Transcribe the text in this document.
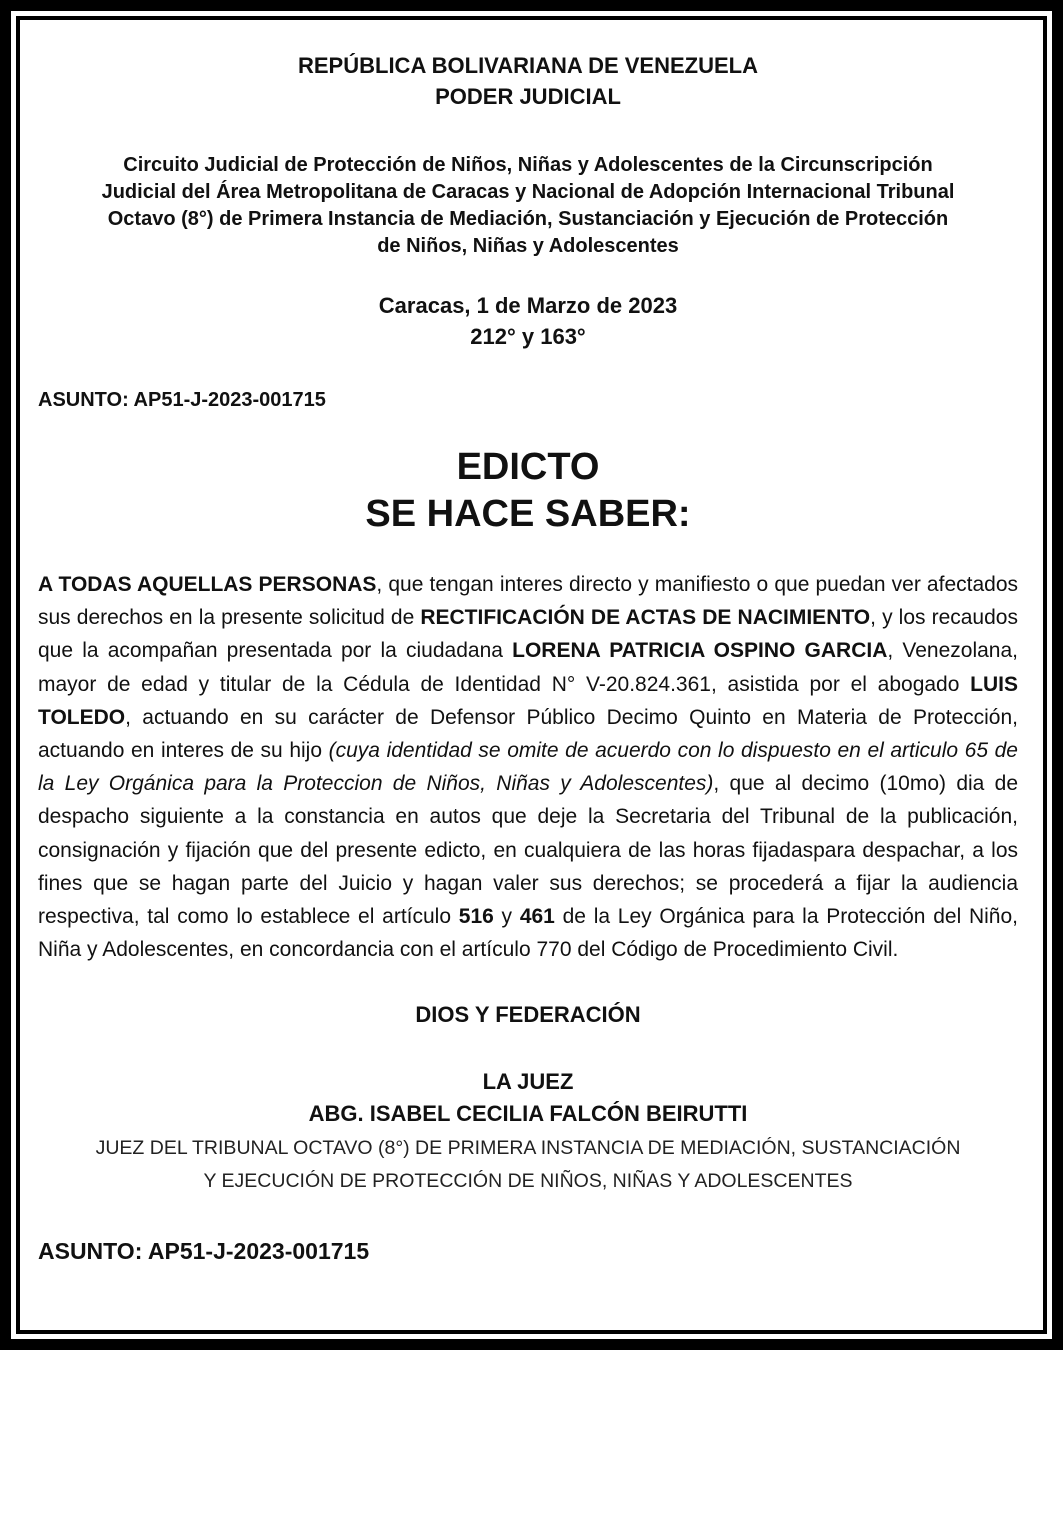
REPÚBLICA BOLIVARIANA DE VENEZUELA
PODER JUDICIAL

Circuito Judicial de Protección de Niños, Niñas y Adolescentes de la Circunscripción
Judicial del Área Metropolitana de Caracas y Nacional de Adopción Internacional Tribunal
Octavo (8°) de Primera Instancia de Mediación, Sustanciación y Ejecución de Protección
de Niños, Niñas y Adolescentes

Caracas, 1 de Marzo de 2023
212° y 163°

ASUNTO: AP51-J-2023-001715

EDICTO
SE HACE SABER:

A TODAS AQUELLAS PERSONAS, que tengan interes directo y manifiesto o que puedan ver afectados sus derechos en la presente solicitud de RECTIFICACIÓN DE ACTAS DE NACIMIENTO, y los recaudos que la acompañan presentada por la ciudadana LORENA PATRICIA OSPINO GARCIA, Venezolana, mayor de edad y titular de la Cédula de Identidad N° V-20.824.361, asistida por el abogado LUIS TOLEDO, actuando en su carácter de Defensor Público Decimo Quinto en Materia de Protección, actuando en interes de su hijo (cuya identidad se omite de acuerdo con lo dispuesto en el articulo 65 de la Ley Orgánica para la Proteccion de Niños, Niñas y Adolescentes), que al decimo (10mo) dia de despacho siguiente a la constancia en autos que deje la Secretaria del Tribunal de la publicación, consignación y fijación que del presente edicto, en cualquiera de las horas fijadaspara despachar, a los fines que se hagan parte del Juicio y hagan valer sus derechos; se procederá a fijar la audiencia respectiva, tal como lo establece el artículo 516 y 461 de la Ley Orgánica para la Protección del Niño, Niña y Adolescentes, en concordancia con el artículo 770 del Código de Procedimiento Civil.

DIOS Y FEDERACIÓN

LA JUEZ
ABG. ISABEL CECILIA FALCÓN BEIRUTTI

JUEZ DEL TRIBUNAL OCTAVO (8°) DE PRIMERA INSTANCIA DE MEDIACIÓN, SUSTANCIACIÓN
Y EJECUCIÓN DE PROTECCIÓN DE NIÑOS, NIÑAS Y ADOLESCENTES

ASUNTO: AP51-J-2023-001715
